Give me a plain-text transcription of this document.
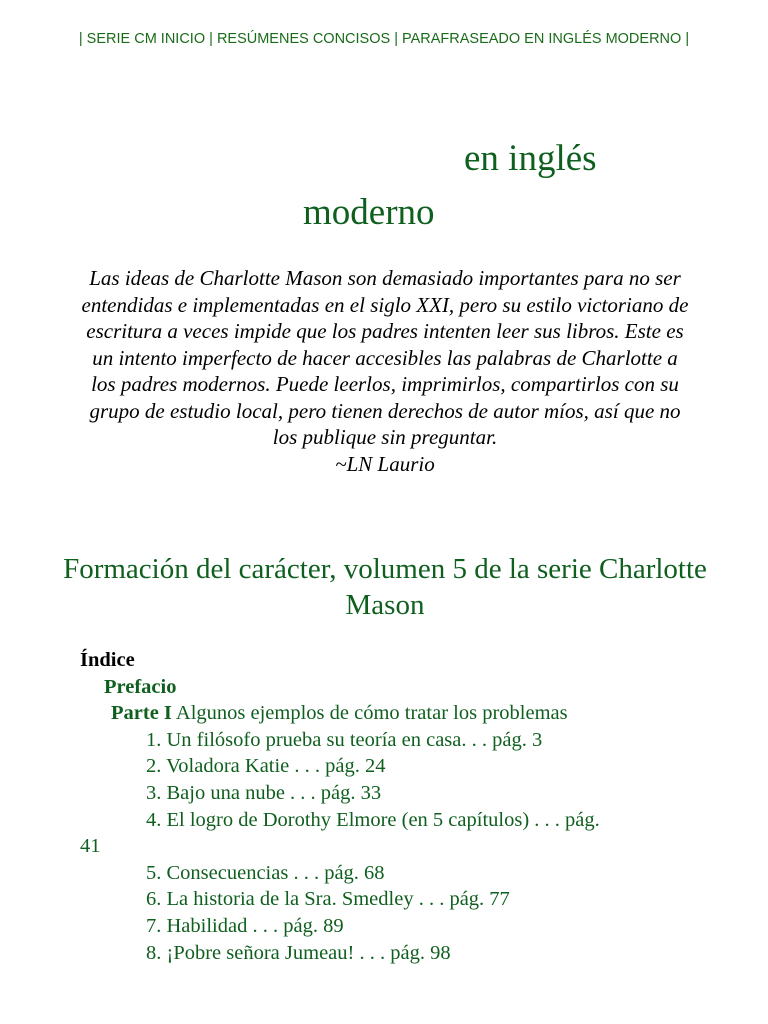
| SERIE CM INICIO | RESÚMENES CONCISOS | PARAFRASEADO EN INGLÉS MODERNO |
en inglés
moderno
Las ideas de Charlotte Mason son demasiado importantes para no ser entendidas e implementadas en el siglo XXI, pero su estilo victoriano de escritura a veces impide que los padres intenten leer sus libros. Este es un intento imperfecto de hacer accesibles las palabras de Charlotte a los padres modernos. Puede leerlos, imprimirlos, compartirlos con su grupo de estudio local, pero tienen derechos de autor míos, así que no los publique sin preguntar.
~LN Laurio
Formación del carácter, volumen 5 de la serie Charlotte Mason
Índice
Prefacio
Parte I Algunos ejemplos de cómo tratar los problemas
1. Un filósofo prueba su teoría en casa. . . pág. 3
2. Voladora Katie . . . pág. 24
3. Bajo una nube . . . pág. 33
4. El logro de Dorothy Elmore (en 5 capítulos) . . . pág.
41
5. Consecuencias . . . pág. 68
6. La historia de la Sra. Smedley . . . pág. 77
7. Habilidad . . . pág. 89
8. ¡Pobre señora Jumeau! . . . pág. 98
